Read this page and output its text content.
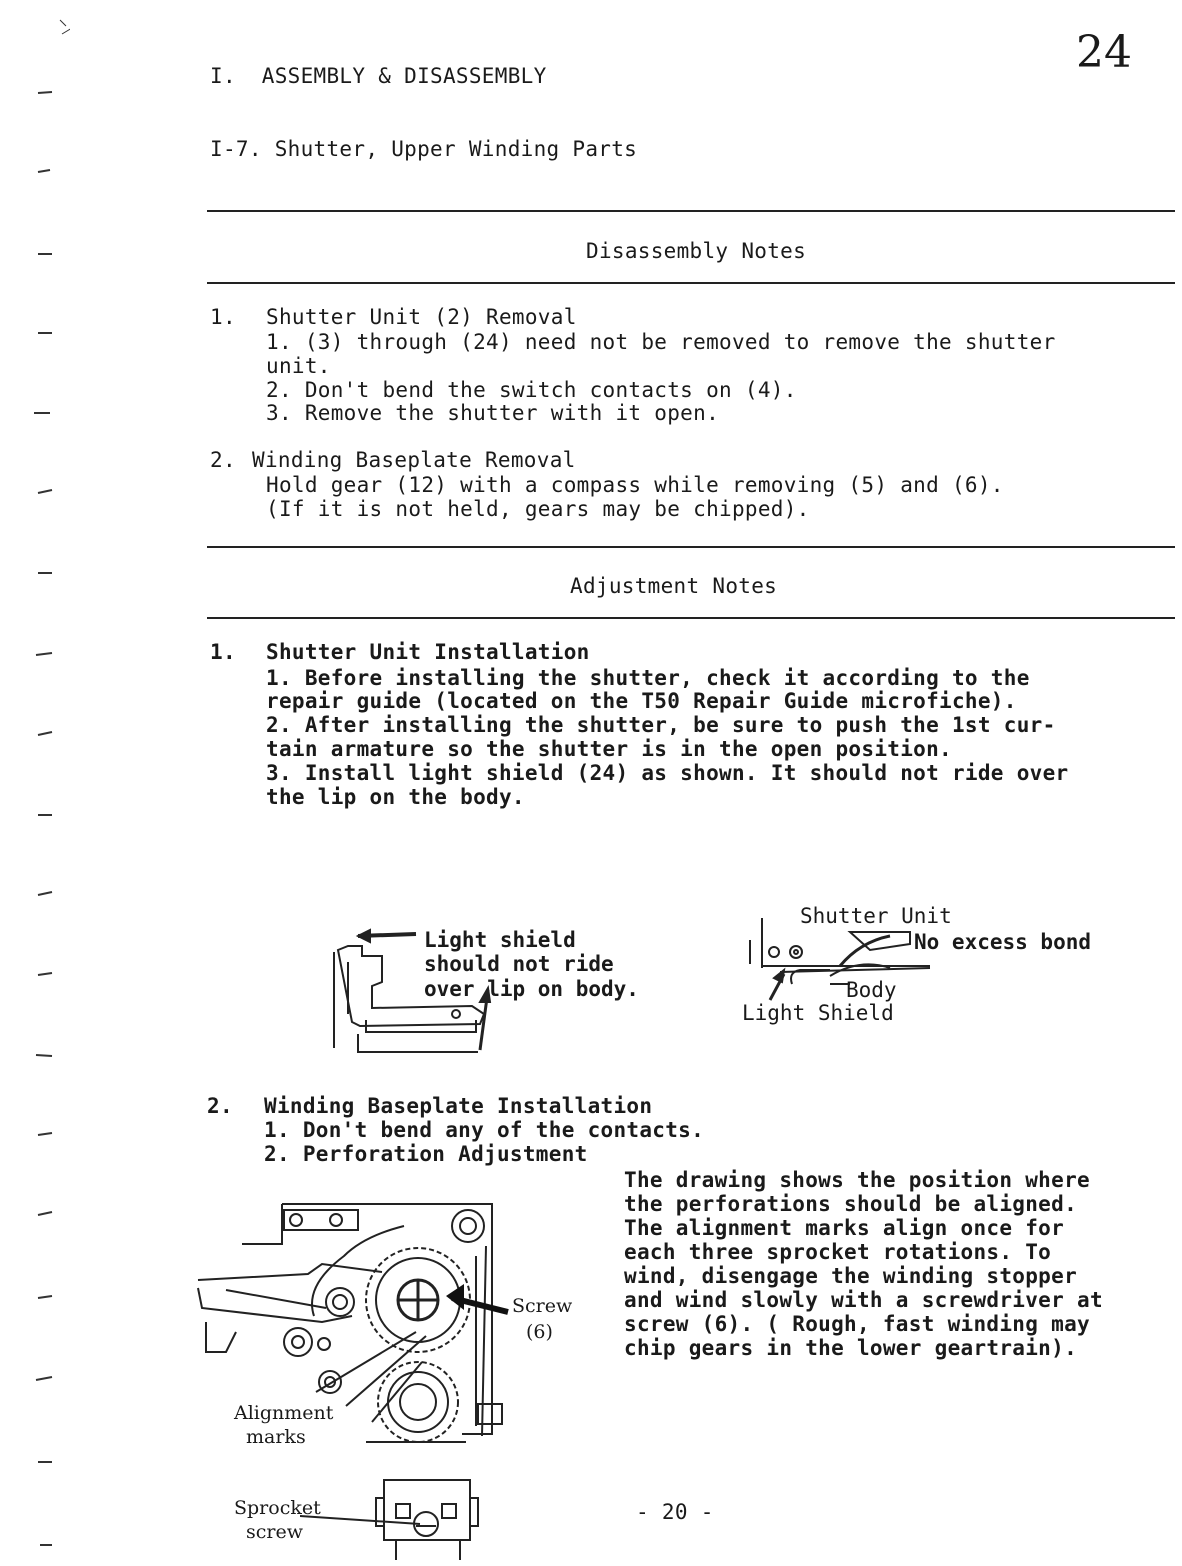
I.  ASSEMBLY & DISASSEMBLY	24
I-7. Shutter, Upper Winding Parts
Disassembly Notes
1. Shutter Unit (2) Removal
1. (3) through (24) need not be removed to remove the shutter
unit.
2. Don't bend the switch contacts on (4).
3. Remove the shutter with it open.
2. Winding Baseplate Removal
Hold gear (12) with a compass while removing (5) and (6).
(If it is not held, gears may be chipped).
Adjustment Notes
1. Shutter Unit Installation
1. Before installing the shutter, check it according to the
repair guide (located on the T50 Repair Guide microfiche).
2. After installing the shutter, be sure to push the 1st cur-
tain armature so the shutter is in the open position.
3. Install light shield (24) as shown. It should not ride over
the lip on the body.
Light shield
should not ride
over lip on body.
Shutter Unit
No excess bond
Body
Light Shield
2. Winding Baseplate Installation
1. Don't bend any of the contacts.
2. Perforation Adjustment
The drawing shows the position where
the perforations should be aligned.
The alignment marks align once for
each three sprocket rotations. To
wind, disengage the winding stopper
and wind slowly with a screwdriver at
screw (6). ( Rough, fast winding may
chip gears in the lower geartrain).
Screw
(6)
Alignment
marks
Sprocket
screw
- 20 -
